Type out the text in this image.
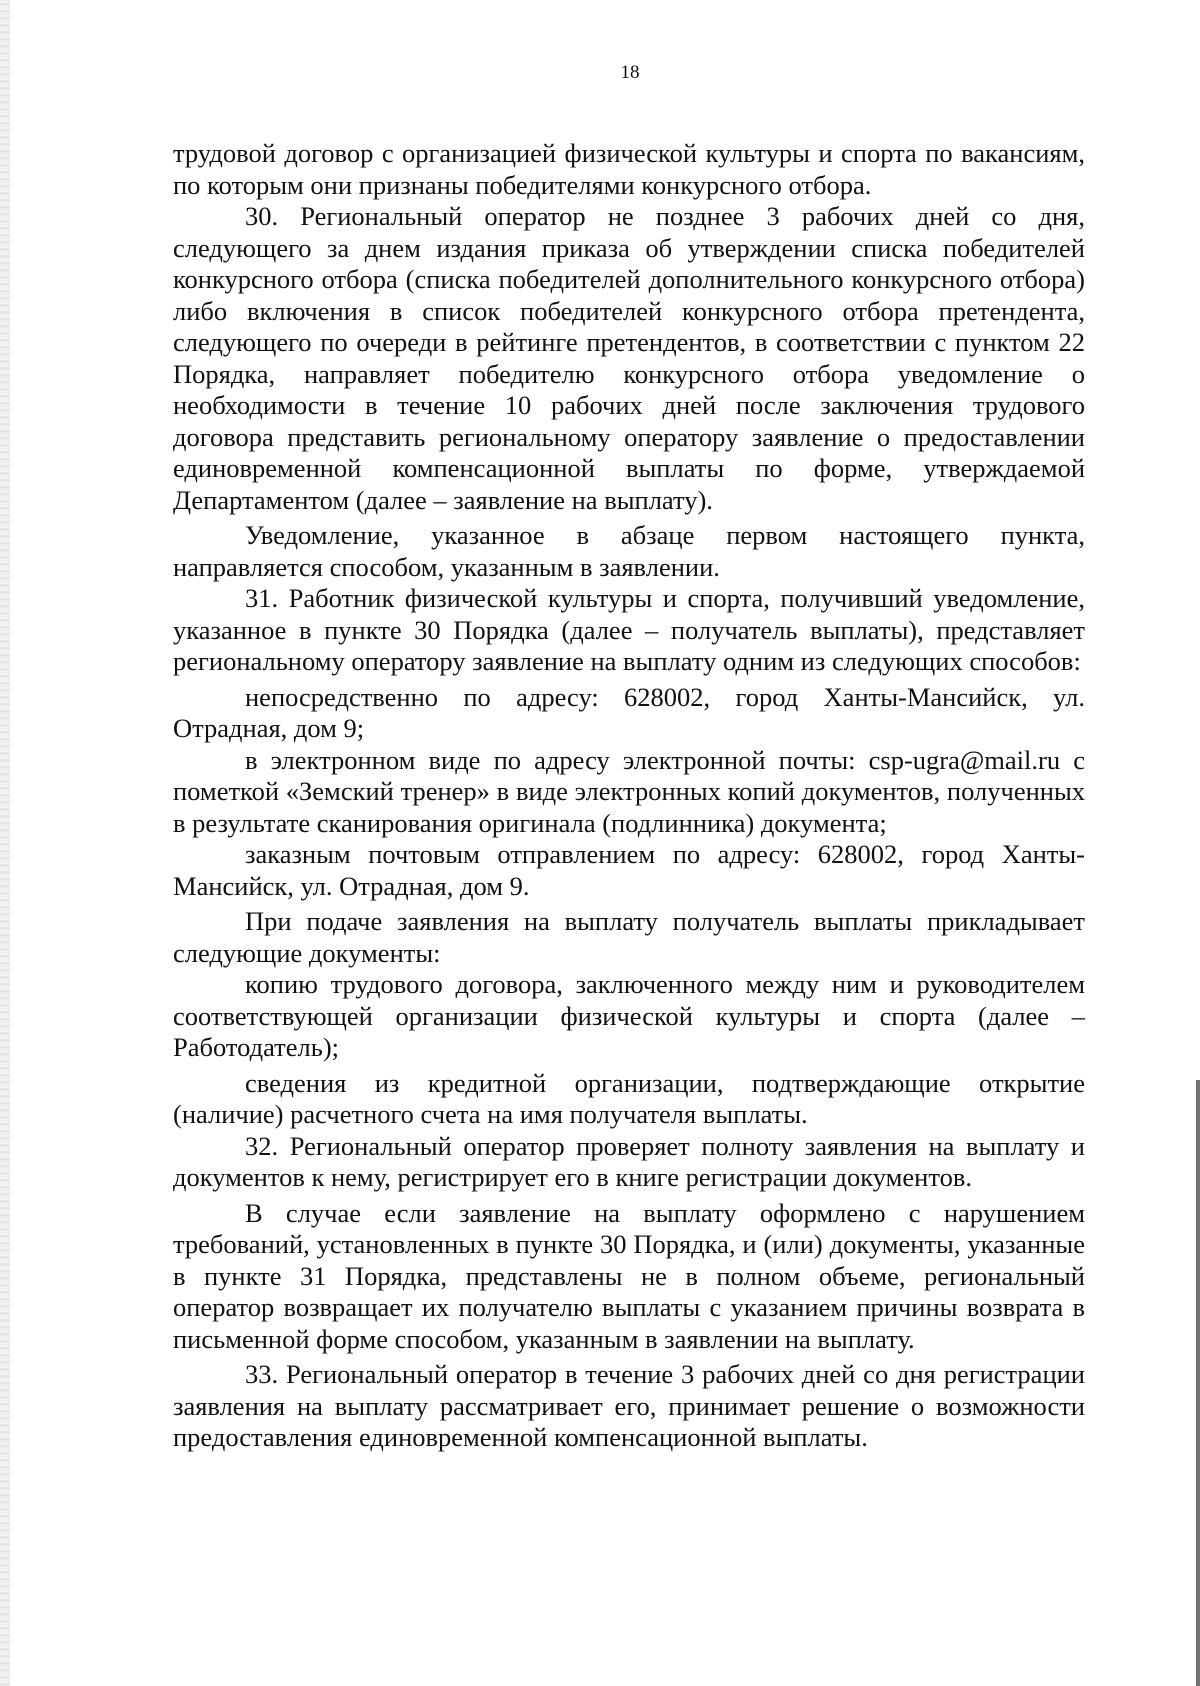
18

трудовой договор с организацией физической культуры и спорта по вакансиям, по которым они признаны победителями конкурсного отбора.

30. Региональный оператор не позднее 3 рабочих дней со дня, следующего за днем издания приказа об утверждении списка победителей конкурсного отбора (списка победителей дополнительного конкурсного отбора) либо включения в список победителей конкурсного отбора претендента, следующего по очереди в рейтинге претендентов, в соответствии с пунктом 22 Порядка, направляет победителю конкурсного отбора уведомление о необходимости в течение 10 рабочих дней после заключения трудового договора представить региональному оператору заявление о предоставлении единовременной компенсационной выплаты по форме, утверждаемой Департаментом (далее – заявление на выплату).

Уведомление, указанное в абзаце первом настоящего пункта, направляется способом, указанным в заявлении.

31. Работник физической культуры и спорта, получивший уведомление, указанное в пункте 30 Порядка (далее – получатель выплаты), представляет региональному оператору заявление на выплату одним из следующих способов:

непосредственно по адресу: 628002, город Ханты-Мансийск, ул. Отрадная, дом 9;

в электронном виде по адресу электронной почты: csp-ugra@mail.ru с пометкой «Земский тренер» в виде электронных копий документов, полученных в результате сканирования оригинала (подлинника) документа;

заказным почтовым отправлением по адресу: 628002, город Ханты-Мансийск, ул. Отрадная, дом 9.

При подаче заявления на выплату получатель выплаты прикладывает следующие документы:

копию трудового договора, заключенного между ним и руководителем соответствующей организации физической культуры и спорта (далее – Работодатель);

сведения из кредитной организации, подтверждающие открытие (наличие) расчетного счета на имя получателя выплаты.

32. Региональный оператор проверяет полноту заявления на выплату и документов к нему, регистрирует его в книге регистрации документов.

В случае если заявление на выплату оформлено с нарушением требований, установленных в пункте 30 Порядка, и (или) документы, указанные в пункте 31 Порядка, представлены не в полном объеме, региональный оператор возвращает их получателю выплаты с указанием причины возврата в письменной форме способом, указанным в заявлении на выплату.

33. Региональный оператор в течение 3 рабочих дней со дня регистрации заявления на выплату рассматривает его, принимает решение о возможности предоставления единовременной компенсационной выплаты.
